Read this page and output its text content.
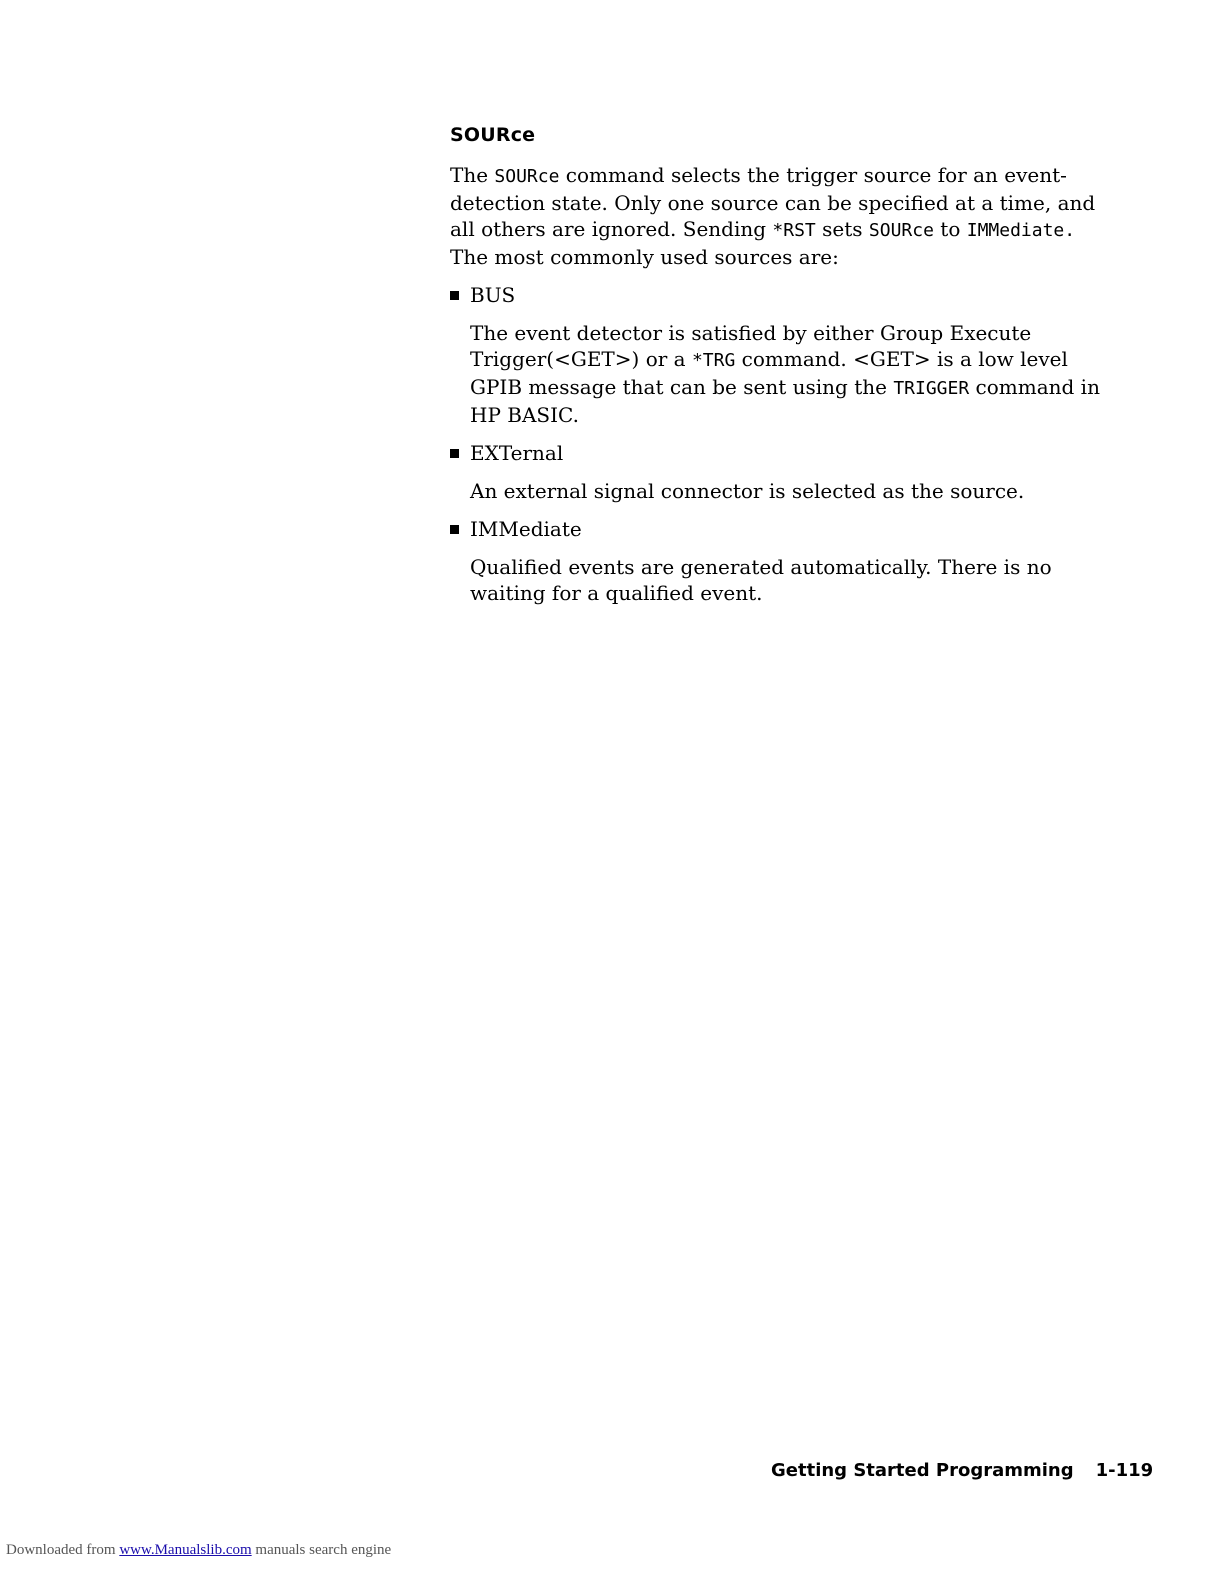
SOURce

The SOURce command selects the trigger source for an event-detection state. Only one source can be specified at a time, and all others are ignored. Sending *RST sets SOURce to IMMediate. The most commonly used sources are:

BUS

The event detector is satisfied by either Group Execute Trigger(<GET>) or a *TRG command. <GET> is a low level GPIB message that can be sent using the TRIGGER command in HP BASIC.

EXTernal

An external signal connector is selected as the source.

IMMediate

Qualified events are generated automatically. There is no waiting for a qualified event.

Getting Started Programming 1-119
Downloaded from www.Manualslib.com manuals search engine
